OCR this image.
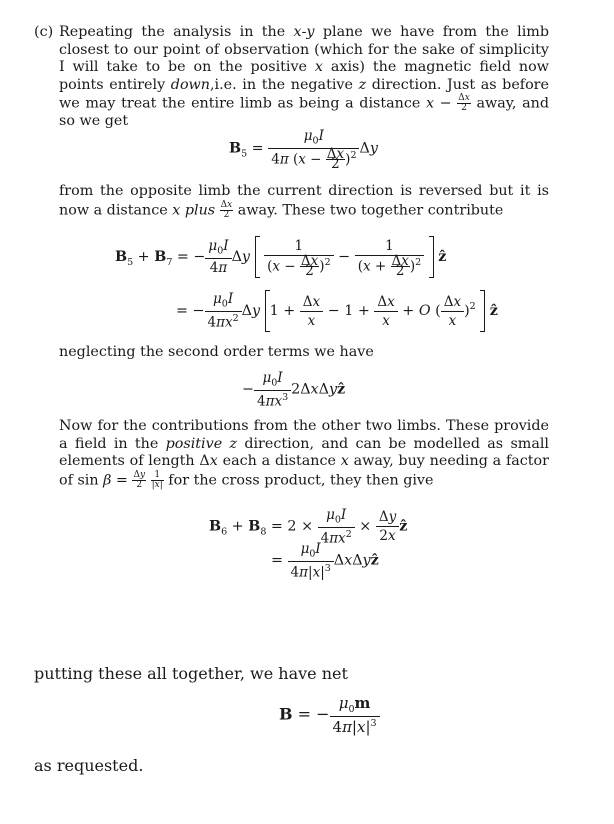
(c) Repeating the analysis in the x-y plane we have from the limb closest to our point of observation (which for the sake of simplicity I will take to be on the positive x axis) the magnetic field now points entirely down,i.e. in the negative z direction. Just as before we may treat the entire limb as being a distance $x - \frac{\Delta x}{2}$ away, and so we get
$B_5 = \frac{\mu_0I}{4\pi (x - \frac{\Delta x}{2} )^2}$ Δy
from the opposite limb the current direction is reversed but it is now a distance x plus $\frac{\Delta x}{2}$ away. These two together contribute
$B_5 + B_7$ = − $\frac{\mu_0I}{4\pi}$ Δy $\frac{1}{(x - \frac{\Delta x}{2} )^2} - \frac{1}{(x + \frac{\Delta x}{2} )^2}$ ẑ
= − $\frac{\mu_0I}{4\pi x^2}$ Δy $1 + \frac{\Delta x}{x} - 1 + \frac{\Delta x}{x} + O$ ( $\frac{\Delta x}{x} )^2$ ẑ
neglecting the second order terms we have
− $\frac{\mu_0I}{4\pi x^3}$ 2ΔxΔyẑ
Now for the contributions from the other two limbs. These provide a field in the positive z direction, and can be modelled as small elements of length Δx each a distance x away, buy needing a factor of $\sin \beta = \frac{\Delta y}{2}$
$\frac{1}{|x|}$ for the cross product, they then give
$B_6 + B_8 = 2 \times \frac{\mu_0I}{4\pi x^2} \times \frac{\Delta y}{2x}$ ẑ
= $\frac{\mu_0I}{4\pi|x|^3}$ ΔxΔyẑ
putting these all together, we have net
B = − $\frac{\mu_0m}{4\pi|x|^3}$
as requested.
